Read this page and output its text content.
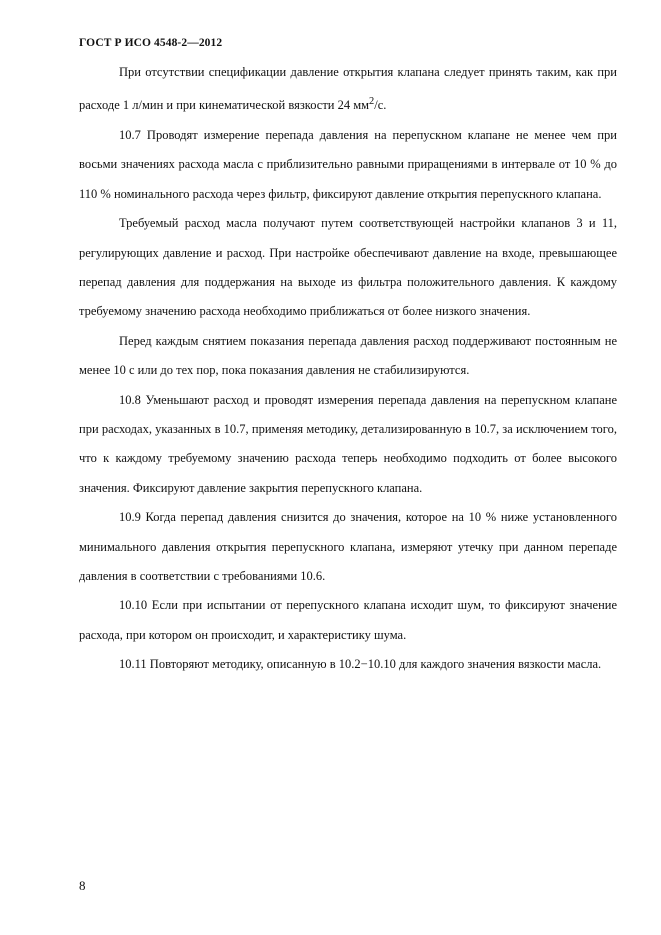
ГОСТ Р ИСО 4548-2—2012

При отсутствии спецификации давление открытия клапана следует принять таким, как при расходе 1 л/мин и при кинематической вязкости 24 $мм^2/с$.

10.7 Проводят измерение перепада давления на перепускном клапане не менее чем при восьми значениях расхода масла с приблизительно равными приращениями в интервале от 10 % до 110 % номинального расхода через фильтр, фиксируют давление открытия перепускного клапана.

Требуемый расход масла получают путем соответствующей настройки клапанов 3 и 11, регулирующих давление и расход. При настройке обеспечивают давление на входе, превышающее перепад давления для поддержания на выходе из фильтра положительного давления. К каждому требуемому значению расхода необходимо приближаться от более низкого значения.

Перед каждым снятием показания перепада давления расход поддерживают постоянным не менее 10 с или до тех пор, пока показания давления не стабилизируются.

10.8 Уменьшают расход и проводят измерения перепада давления на перепускном клапане при расходах, указанных в 10.7, применяя методику, детализированную в 10.7, за исключением того, что к каждому требуемому значению расхода теперь необходимо подходить от более высокого значения. Фиксируют давление закрытия перепускного клапана.

10.9 Когда перепад давления снизится до значения, которое на 10 % ниже установленного минимального давления открытия перепускного клапана, измеряют утечку при данном перепаде давления в соответствии с требованиями 10.6.

10.10 Если при испытании от перепускного клапана исходит шум, то фиксируют значение расхода, при котором он происходит, и характеристику шума.

10.11 Повторяют методику, описанную в 10.2−10.10 для каждого значения вязкости масла.

8
